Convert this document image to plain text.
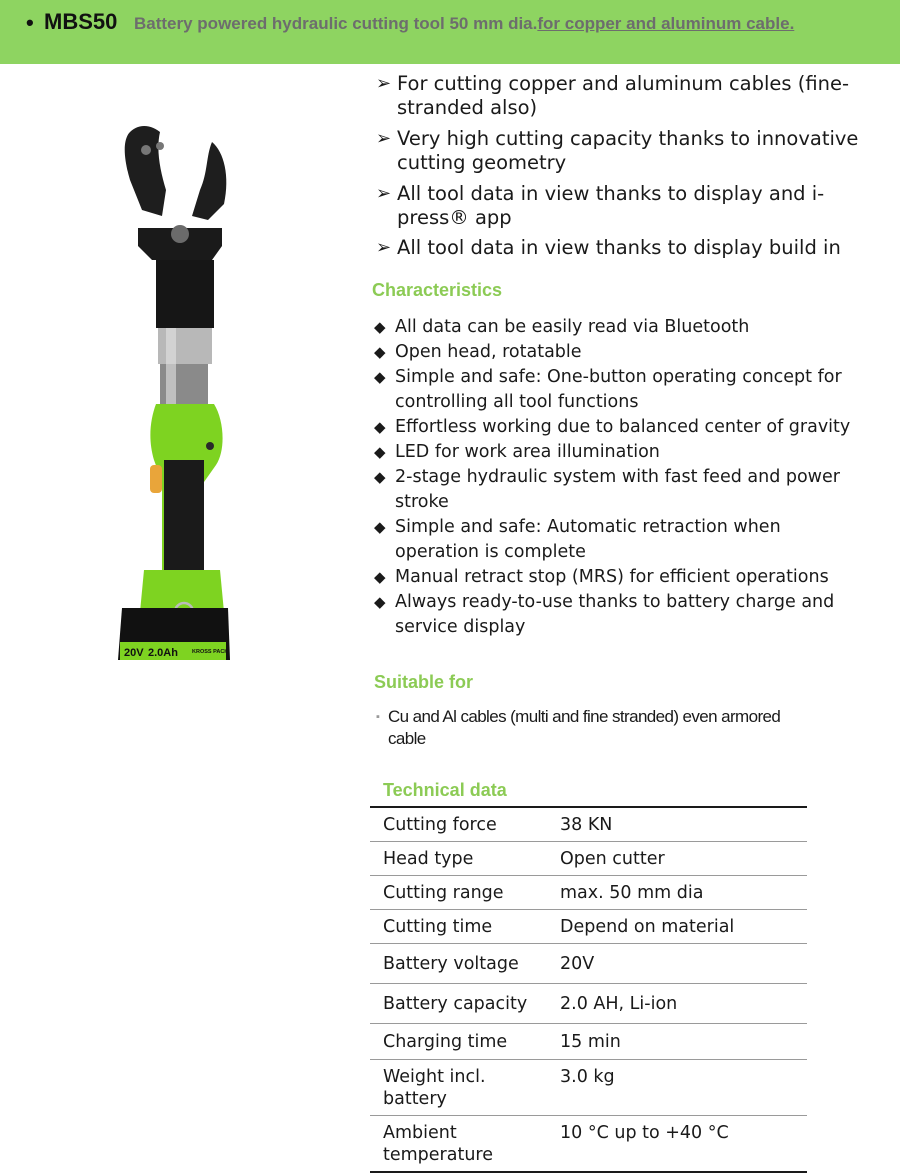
• MBS50 Battery powered hydraulic cutting tool 50 mm dia.for copper and aluminum cable.
20V 2.0Ah	KROSS PACK
➢ For cutting copper and aluminum cables (fine-
stranded also)
➢ Very high cutting capacity thanks to innovative
cutting geometry
➢ All tool data in view thanks to display and i-
press® app
➢ All tool data in view thanks to display build in
Characteristics
◆ All data can be easily read via Bluetooth
◆ Open head, rotatable
◆ Simple and safe: One-button operating concept for
controlling all tool functions
◆ Effortless working due to balanced center of gravity
◆ LED for work area illumination
◆ 2-stage hydraulic system with fast feed and power
stroke
◆ Simple and safe: Automatic retraction when
operation is complete
◆ Manual retract stop (MRS) for efficient operations
◆ Always ready-to-use thanks to battery charge and
service display
Suitable for
▪ Cu and Al cables (multi and fine stranded) even armored
cable
Technical data
Cutting force	38 KN
Head type	Open cutter
Cutting range	max. 50 mm dia
Cutting time	Depend on material
Battery voltage	20V
Battery capacity	2.0 AH, Li-ion
Charging time	15 min
Weight incl.
battery	3.0 kg
Ambient
temperature	10 °C up to +40 °C
